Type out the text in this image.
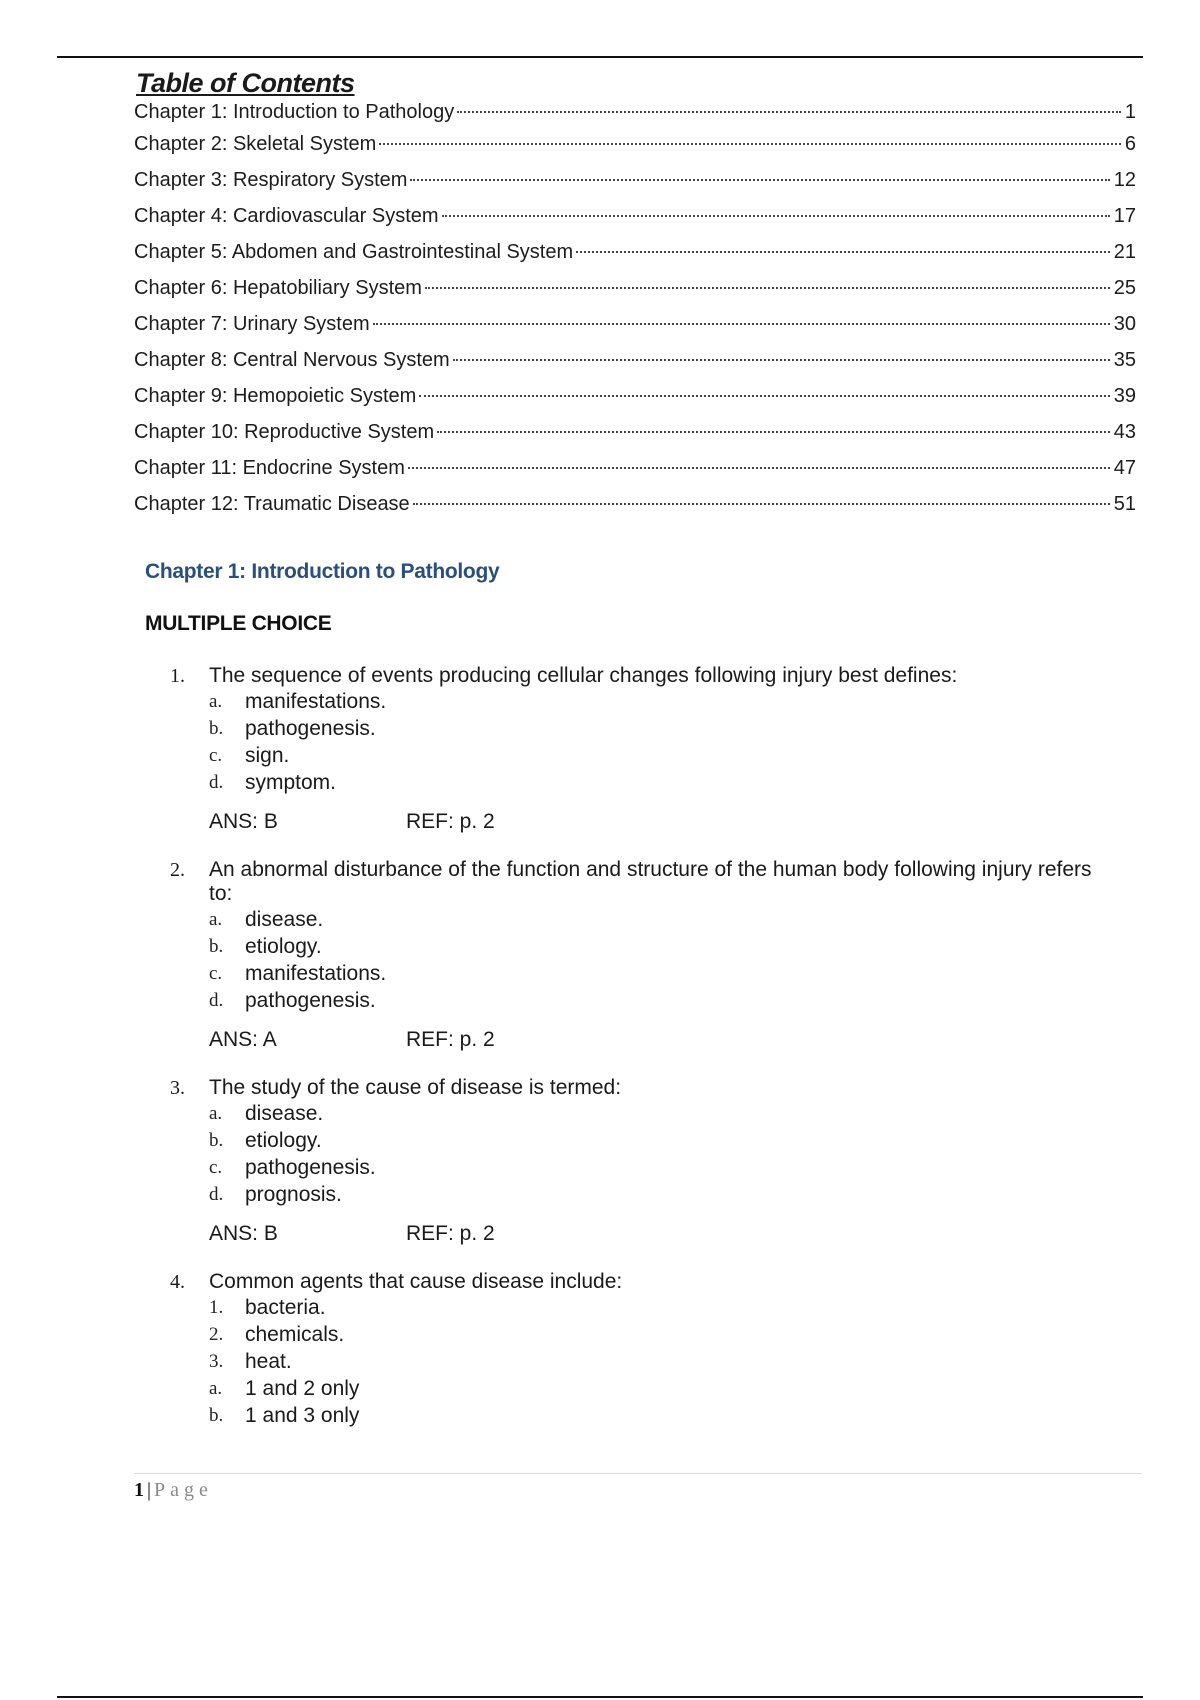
Table of Contents
Chapter 1: Introduction to Pathology	1
Chapter 2: Skeletal System	6
Chapter 3: Respiratory System	12
Chapter 4: Cardiovascular System	17
Chapter 5: Abdomen and Gastrointestinal System	21
Chapter 6: Hepatobiliary System	25
Chapter 7: Urinary System	30
Chapter 8: Central Nervous System	35
Chapter 9: Hemopoietic System	39
Chapter 10: Reproductive System	43
Chapter 11: Endocrine System	47
Chapter 12: Traumatic Disease	51
Chapter 1: Introduction to Pathology
MULTIPLE CHOICE
1.	The sequence of events producing cellular changes following injury best defines:
a.	manifestations.
b.	pathogenesis.
c.	sign.
d.	symptom.
ANS: B	REF: p. 2
2.	An abnormal disturbance of the function and structure of the human body following injury refers to:
a.	disease.
b.	etiology.
c.	manifestations.
d.	pathogenesis.
ANS: A	REF: p. 2
3.	The study of the cause of disease is termed:
a.	disease.
b.	etiology.
c.	pathogenesis.
d.	prognosis.
ANS: B	REF: p. 2
4.	Common agents that cause disease include:
1.	bacteria.
2.	chemicals.
3.	heat.
a.	1 and 2 only
b.	1 and 3 only
1 | Page
